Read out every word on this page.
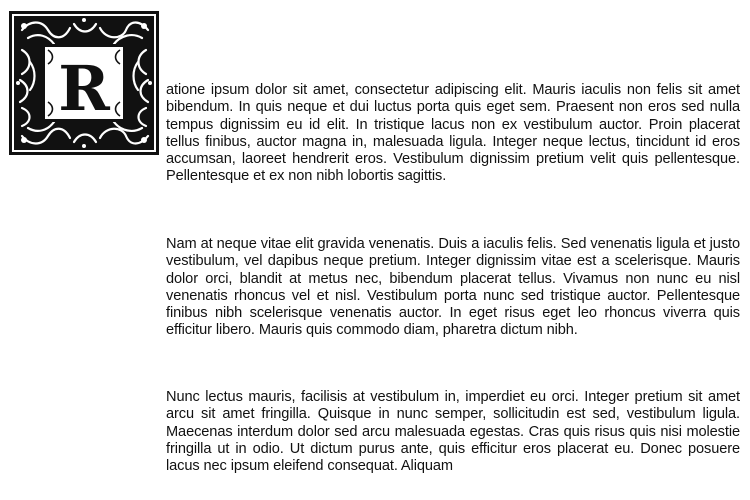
R	atione ipsum dolor sit amet, consectetur adipiscing elit. Mauris iaculis non felis sit amet bibendum. In quis neque et dui luctus porta quis eget sem. Praesent non eros sed nulla tempus dignissim eu id elit. In tristique lacus non ex vestibulum auctor. Proin placerat tellus finibus, auctor magna in, malesuada ligula. Integer neque lectus, tincidunt id eros accumsan, laoreet hendrerit eros. Vestibulum dignissim pretium velit quis pellentesque. Pellentesque et ex non nibh lobortis sagittis.

Nam at neque vitae elit gravida venenatis. Duis a iaculis felis. Sed venenatis ligula et justo vestibulum, vel dapibus neque pretium. Integer dignissim vitae est a scelerisque. Mauris dolor orci, blandit at metus nec, bibendum placerat tellus. Vivamus non nunc eu nisl venenatis rhoncus vel et nisl. Vestibulum porta nunc sed tristique auctor. Pellentesque finibus nibh scelerisque venenatis auctor. In eget risus eget leo rhoncus viverra quis efficitur libero. Mauris quis commodo diam, pharetra dictum nibh.

Nunc lectus mauris, facilisis at vestibulum in, imperdiet eu orci. Integer pretium sit amet arcu sit amet fringilla. Quisque in nunc semper, sollicitudin est sed, vestibulum ligula. Maecenas interdum dolor sed arcu malesuada egestas. Cras quis risus quis nisi molestie fringilla ut in odio. Ut dictum purus ante, quis efficitur eros placerat eu. Donec posuere lacus nec ipsum eleifend consequat. Aliquam
